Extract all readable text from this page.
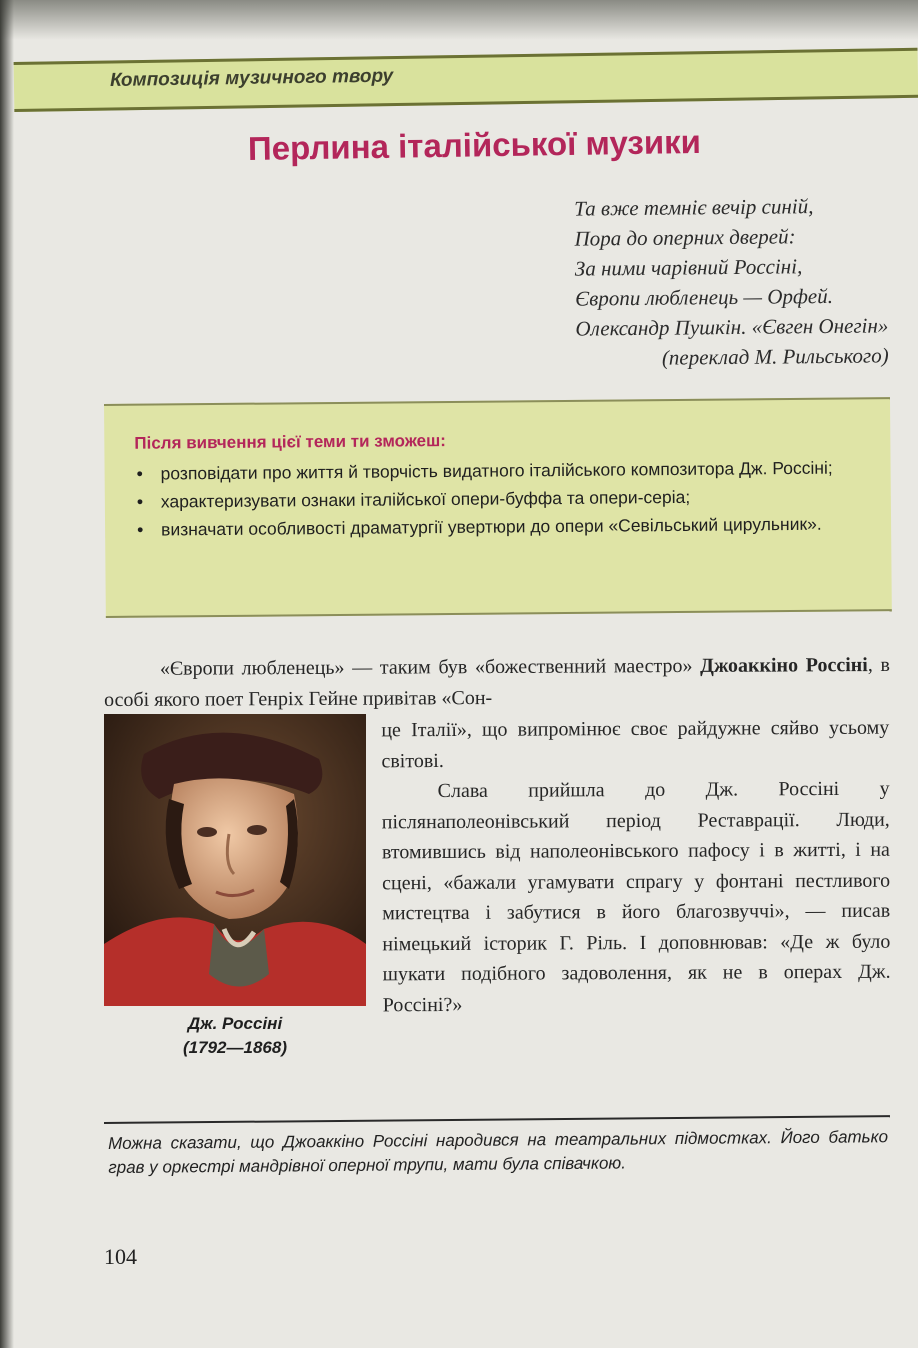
Композиція музичного твору
Перлина італійської музики
Та вже темніє вечір синій,
Пора до оперних дверей:
За ними чарівний Россіні,
Європи любленець — Орфей.
Олександр Пушкін. «Євген Онегін»
(переклад М. Рильського)
Після вивчення цієї теми ти зможеш:
• розповідати про життя й творчість видатного італійського композитора Дж. Россіні;
• характеризувати ознаки італійської опери-буффа та опери-серіа;
• визначати особливості драматургії увертюри до опери «Севільський цирульник».
«Європи любленець» — таким був «божественний маестро» Джоаккіно Россіні, в особі якого поет Генріх Гейне привітав «Сон-
Дж. Россіні
(1792—1868)

це Італії», що випромінює своє райдужне сяйво усьому світові.

Слава прийшла до Дж. Россіні у післянаполеонівський період Реставрації. Люди, втомившись від наполеонівського пафосу і в житті, і на сцені, «бажали угамувати спрагу у фонтані пестливого мистецтва і забутися в його благозвуччі», — писав німецький історик Г. Ріль. І доповнював: «Де ж було шукати подібного задоволення, як не в операх Дж. Россіні?»

Можна сказати, що Джоаккіно Россіні народився на театральних підмостках. Його батько грав у оркестрі мандрівної оперної трупи, мати була співачкою.
104
